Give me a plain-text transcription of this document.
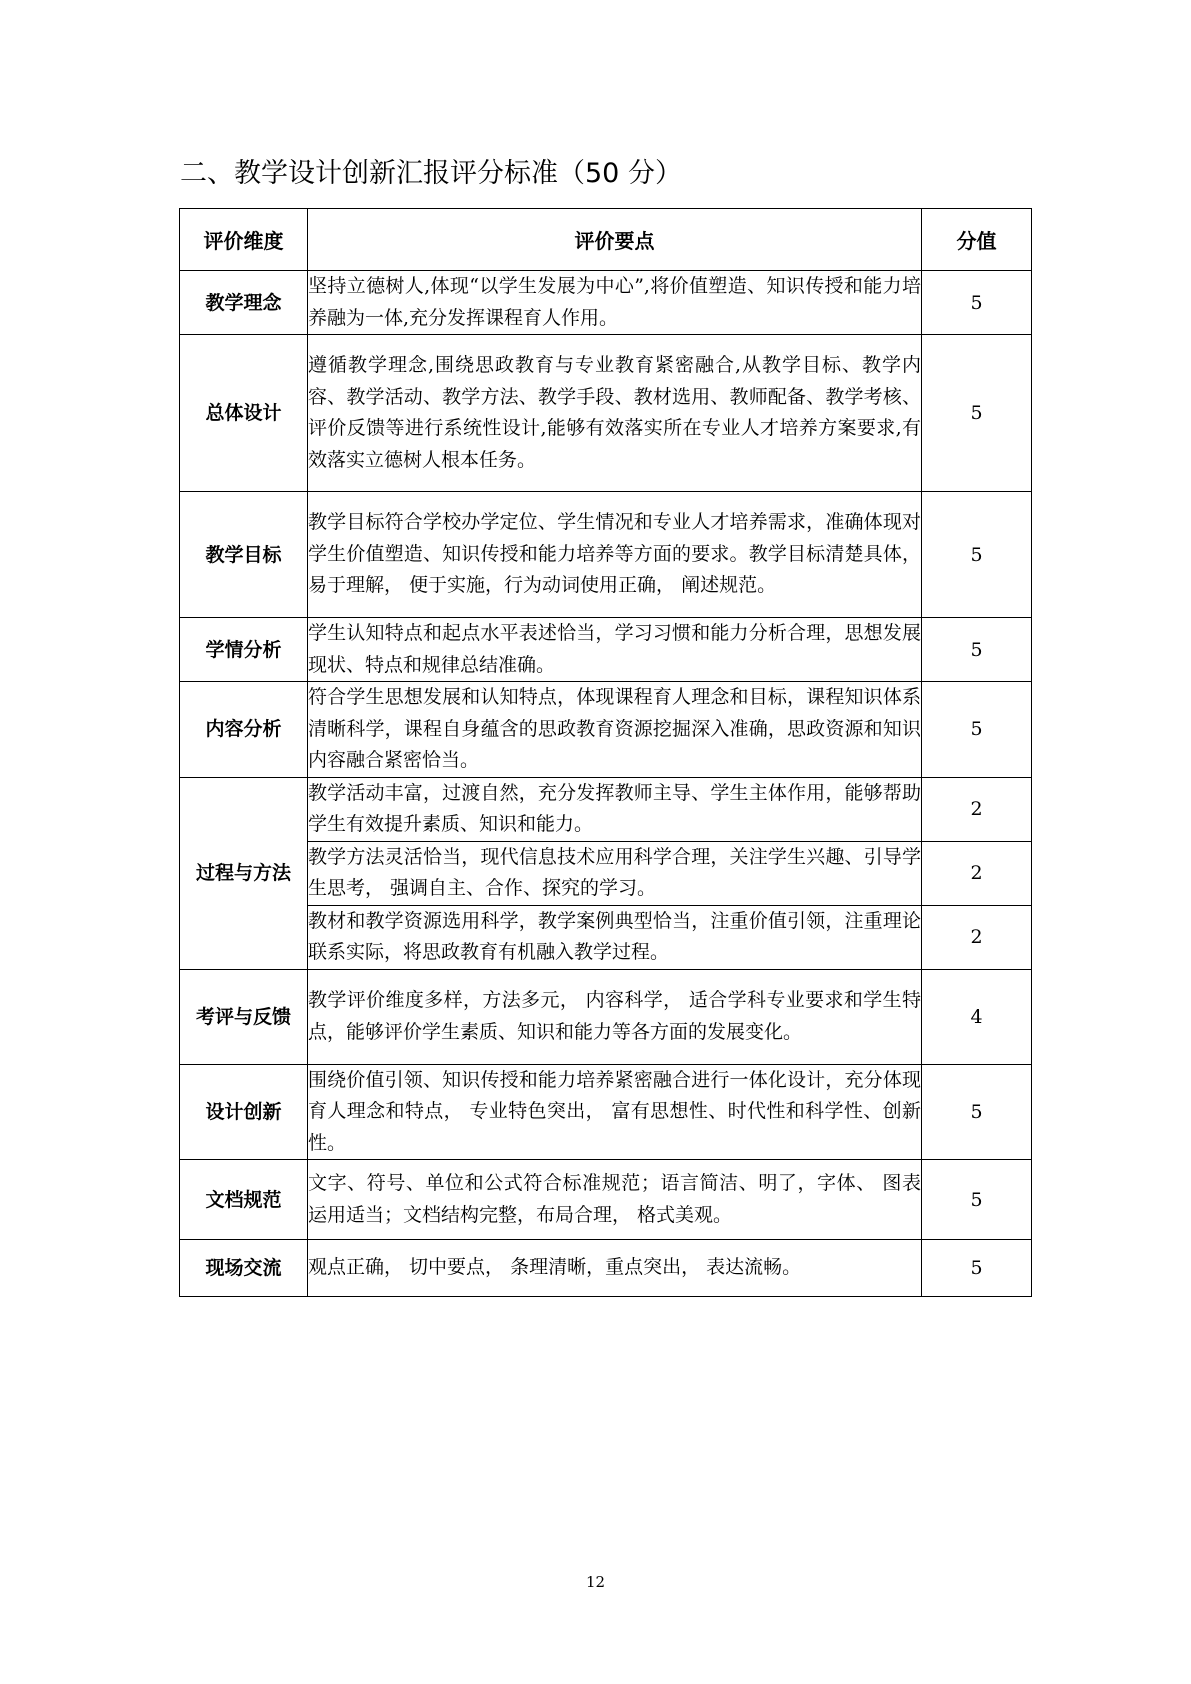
二、教学设计创新汇报评分标准（50 分）
评价维度	评价要点	分值
教学理念	坚持立德树人,体现“以学生发展为中心”,将价值塑造、知识传授和能力培养融为一体,充分发挥课程育人作用。	5
总体设计	遵循教学理念,围绕思政教育与专业教育紧密融合,从教学目标、教学内 容、教学活动、教学方法、教学手段、教材选用、教师配备、教学考核、 评价反馈等进行系统性设计,能够有效落实所在专业人才培养方案要求,有效落实立德树人根本任务。	5
教学目标	教学目标符合学校办学定位、学生情况和专业人才培养需求，准确体现对 学生价值塑造、知识传授和能力培养等方面的要求。教学目标清楚具体，易于理解， 便于实施，行为动词使用正确， 阐述规范。	5
学情分析	学生认知特点和起点水平表述恰当，学习习惯和能力分析合理，思想发展现状、特点和规律总结准确。	5
内容分析	符合学生思想发展和认知特点，体现课程育人理念和目标，课程知识体系 清晰科学，课程自身蕴含的思政教育资源挖掘深入准确，思政资源和知识内容融合紧密恰当。	5
过程与方法	教学活动丰富，过渡自然，充分发挥教师主导、学生主体作用，能够帮助学生有效提升素质、知识和能力。	2
	教学方法灵活恰当，现代信息技术应用科学合理，关注学生兴趣、引导学生思考， 强调自主、合作、探究的学习。	2
	教材和教学资源选用科学，教学案例典型恰当，注重价值引领，注重理论联系实际，将思政教育有机融入教学过程。	2
考评与反馈	教学评价维度多样，方法多元， 内容科学， 适合学科专业要求和学生特点，能够评价学生素质、知识和能力等各方面的发展变化。	4
设计创新	围绕价值引领、知识传授和能力培养紧密融合进行一体化设计，充分体现育人理念和特点， 专业特色突出， 富有思想性、时代性和科学性、创新性。	5
文档规范	文字、符号、单位和公式符合标准规范；语言简洁、明了，字体、 图表运用适当；文档结构完整，布局合理， 格式美观。	5
现场交流	观点正确， 切中要点， 条理清晰，重点突出， 表达流畅。	5
12
